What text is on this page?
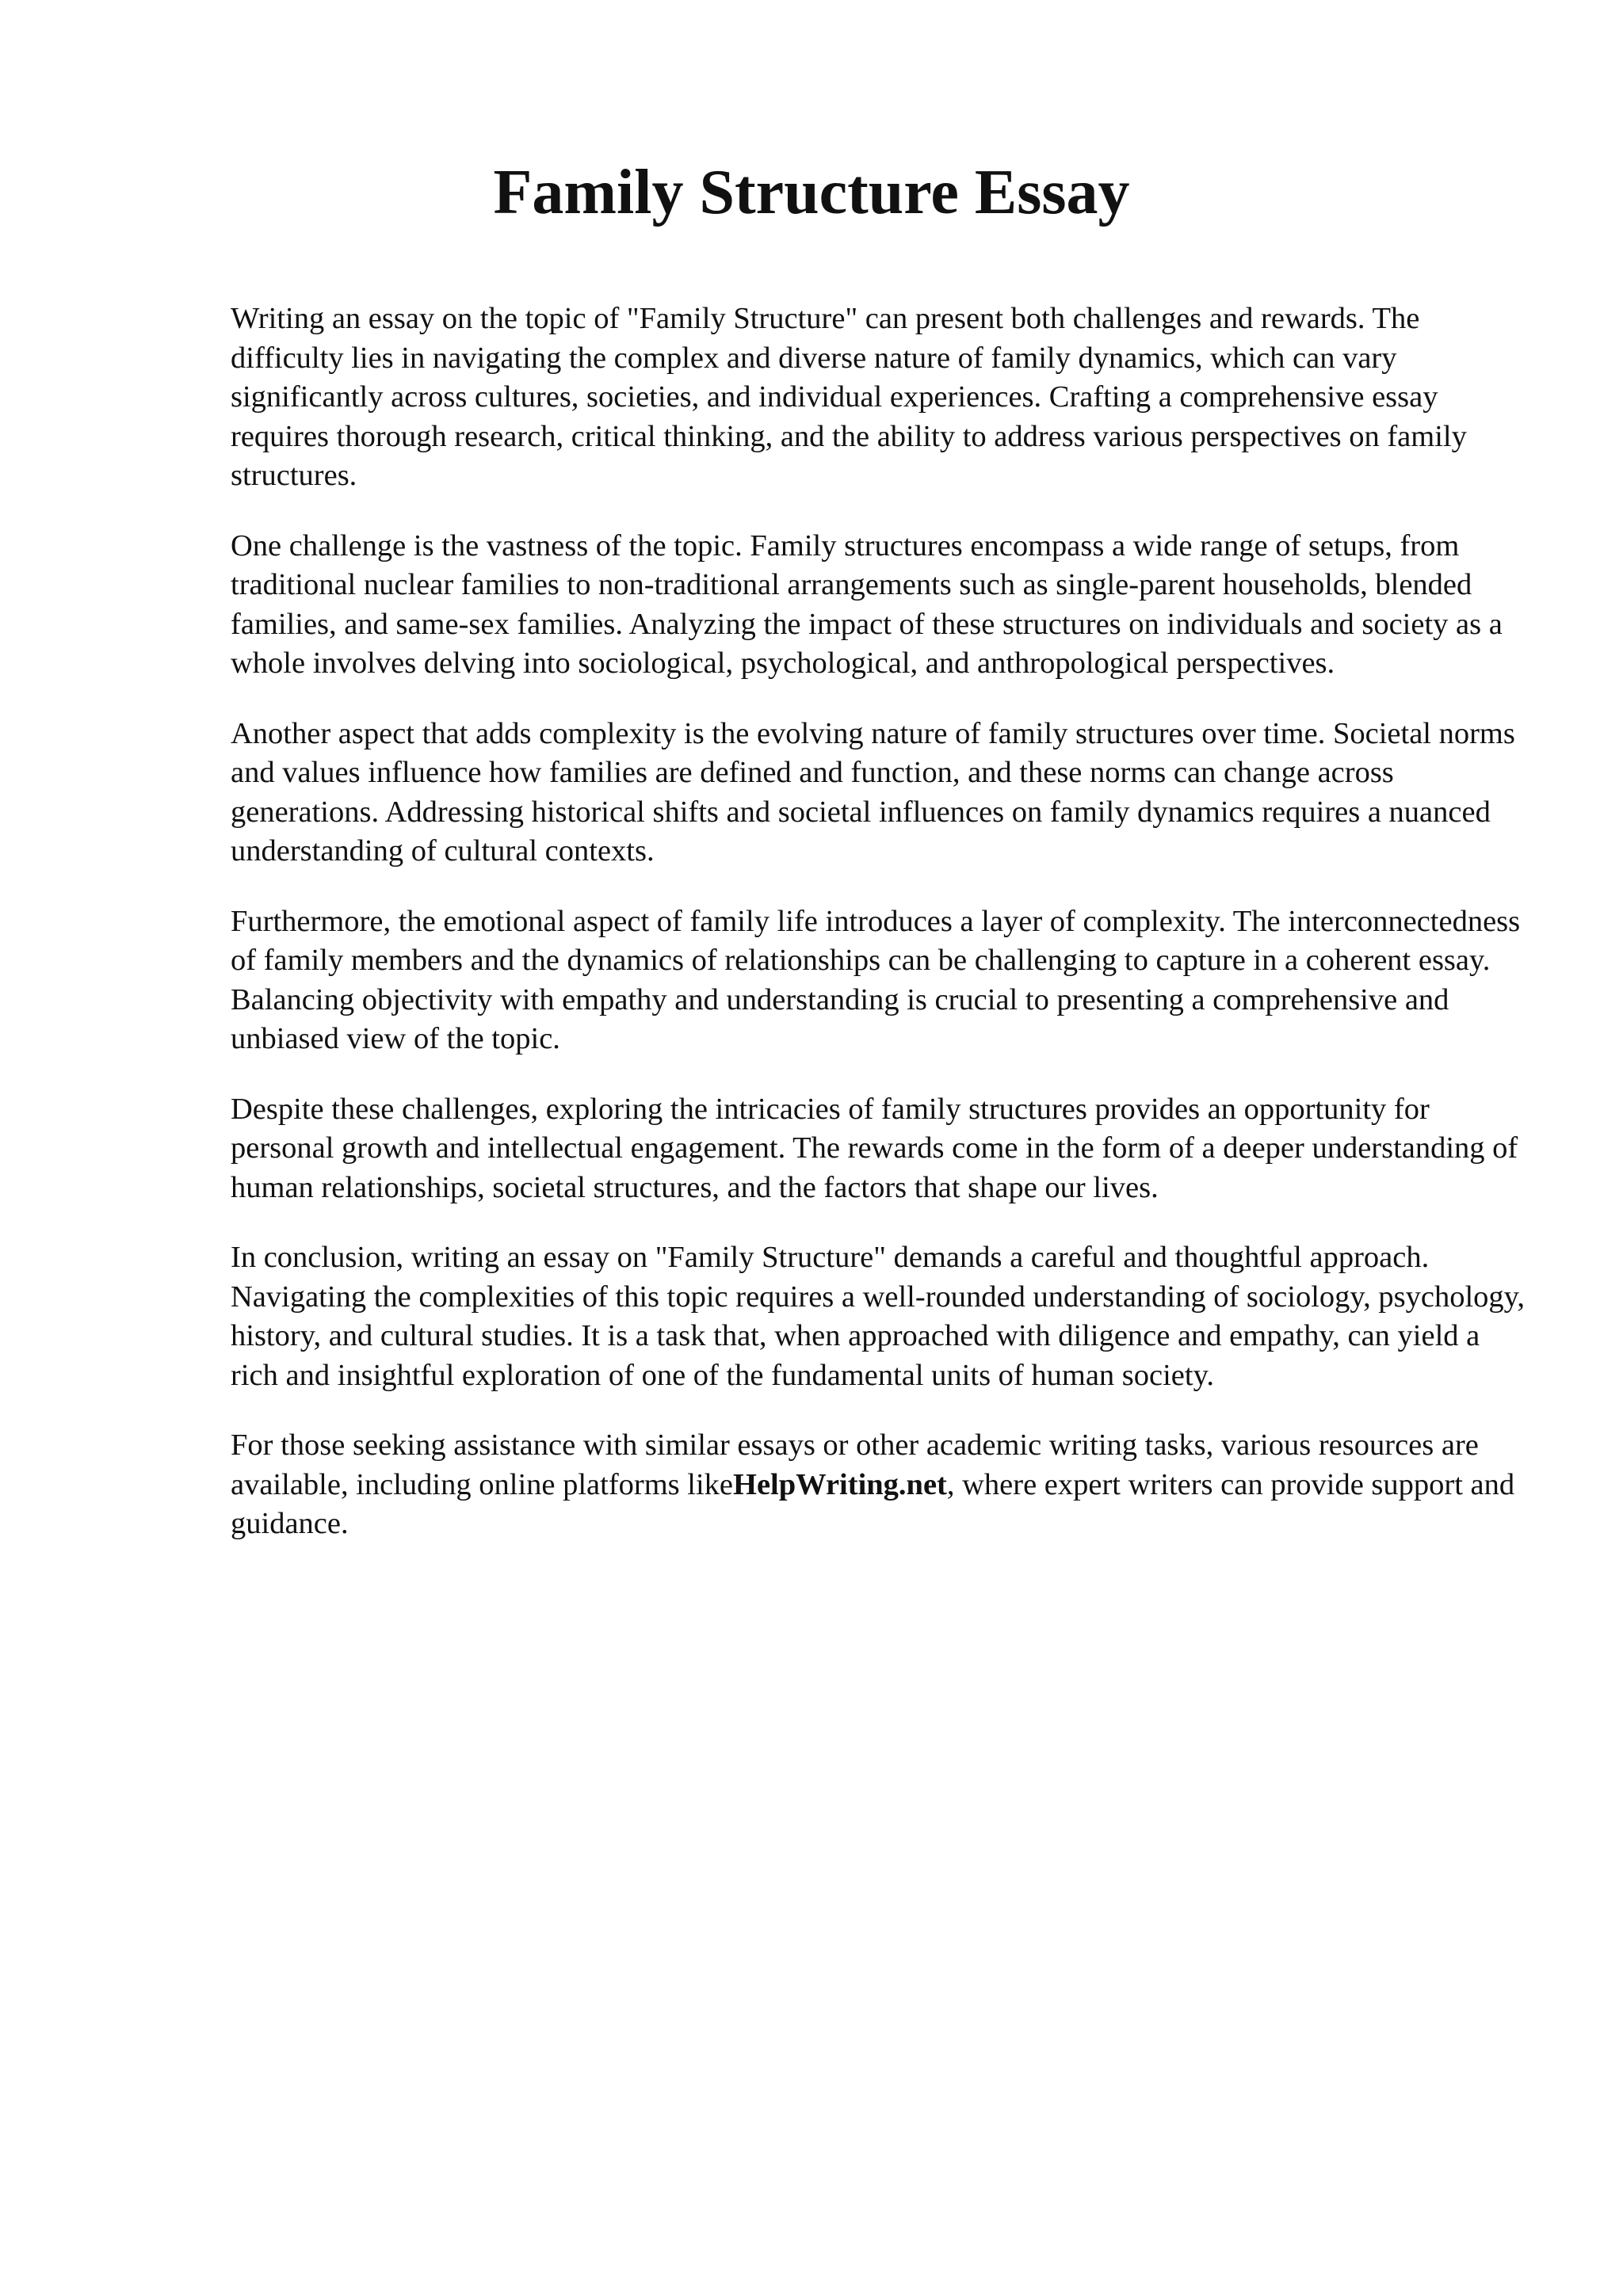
Family Structure Essay

Writing an essay on the topic of "Family Structure" can present both challenges and rewards. The difficulty lies in navigating the complex and diverse nature of family dynamics, which can vary significantly across cultures, societies, and individual experiences. Crafting a comprehensive essay requires thorough research, critical thinking, and the ability to address various perspectives on family structures.

One challenge is the vastness of the topic. Family structures encompass a wide range of setups, from traditional nuclear families to non-traditional arrangements such as single-parent households, blended families, and same-sex families. Analyzing the impact of these structures on individuals and society as a whole involves delving into sociological, psychological, and anthropological perspectives.

Another aspect that adds complexity is the evolving nature of family structures over time. Societal norms and values influence how families are defined and function, and these norms can change across generations. Addressing historical shifts and societal influences on family dynamics requires a nuanced understanding of cultural contexts.

Furthermore, the emotional aspect of family life introduces a layer of complexity. The interconnectedness of family members and the dynamics of relationships can be challenging to capture in a coherent essay. Balancing objectivity with empathy and understanding is crucial to presenting a comprehensive and unbiased view of the topic.

Despite these challenges, exploring the intricacies of family structures provides an opportunity for personal growth and intellectual engagement. The rewards come in the form of a deeper understanding of human relationships, societal structures, and the factors that shape our lives.

In conclusion, writing an essay on "Family Structure" demands a careful and thoughtful approach. Navigating the complexities of this topic requires a well-rounded understanding of sociology, psychology, history, and cultural studies. It is a task that, when approached with diligence and empathy, can yield a rich and insightful exploration of one of the fundamental units of human society.

For those seeking assistance with similar essays or other academic writing tasks, various resources are available, including online platforms likeHelpWriting.net, where expert writers can provide support and guidance.
